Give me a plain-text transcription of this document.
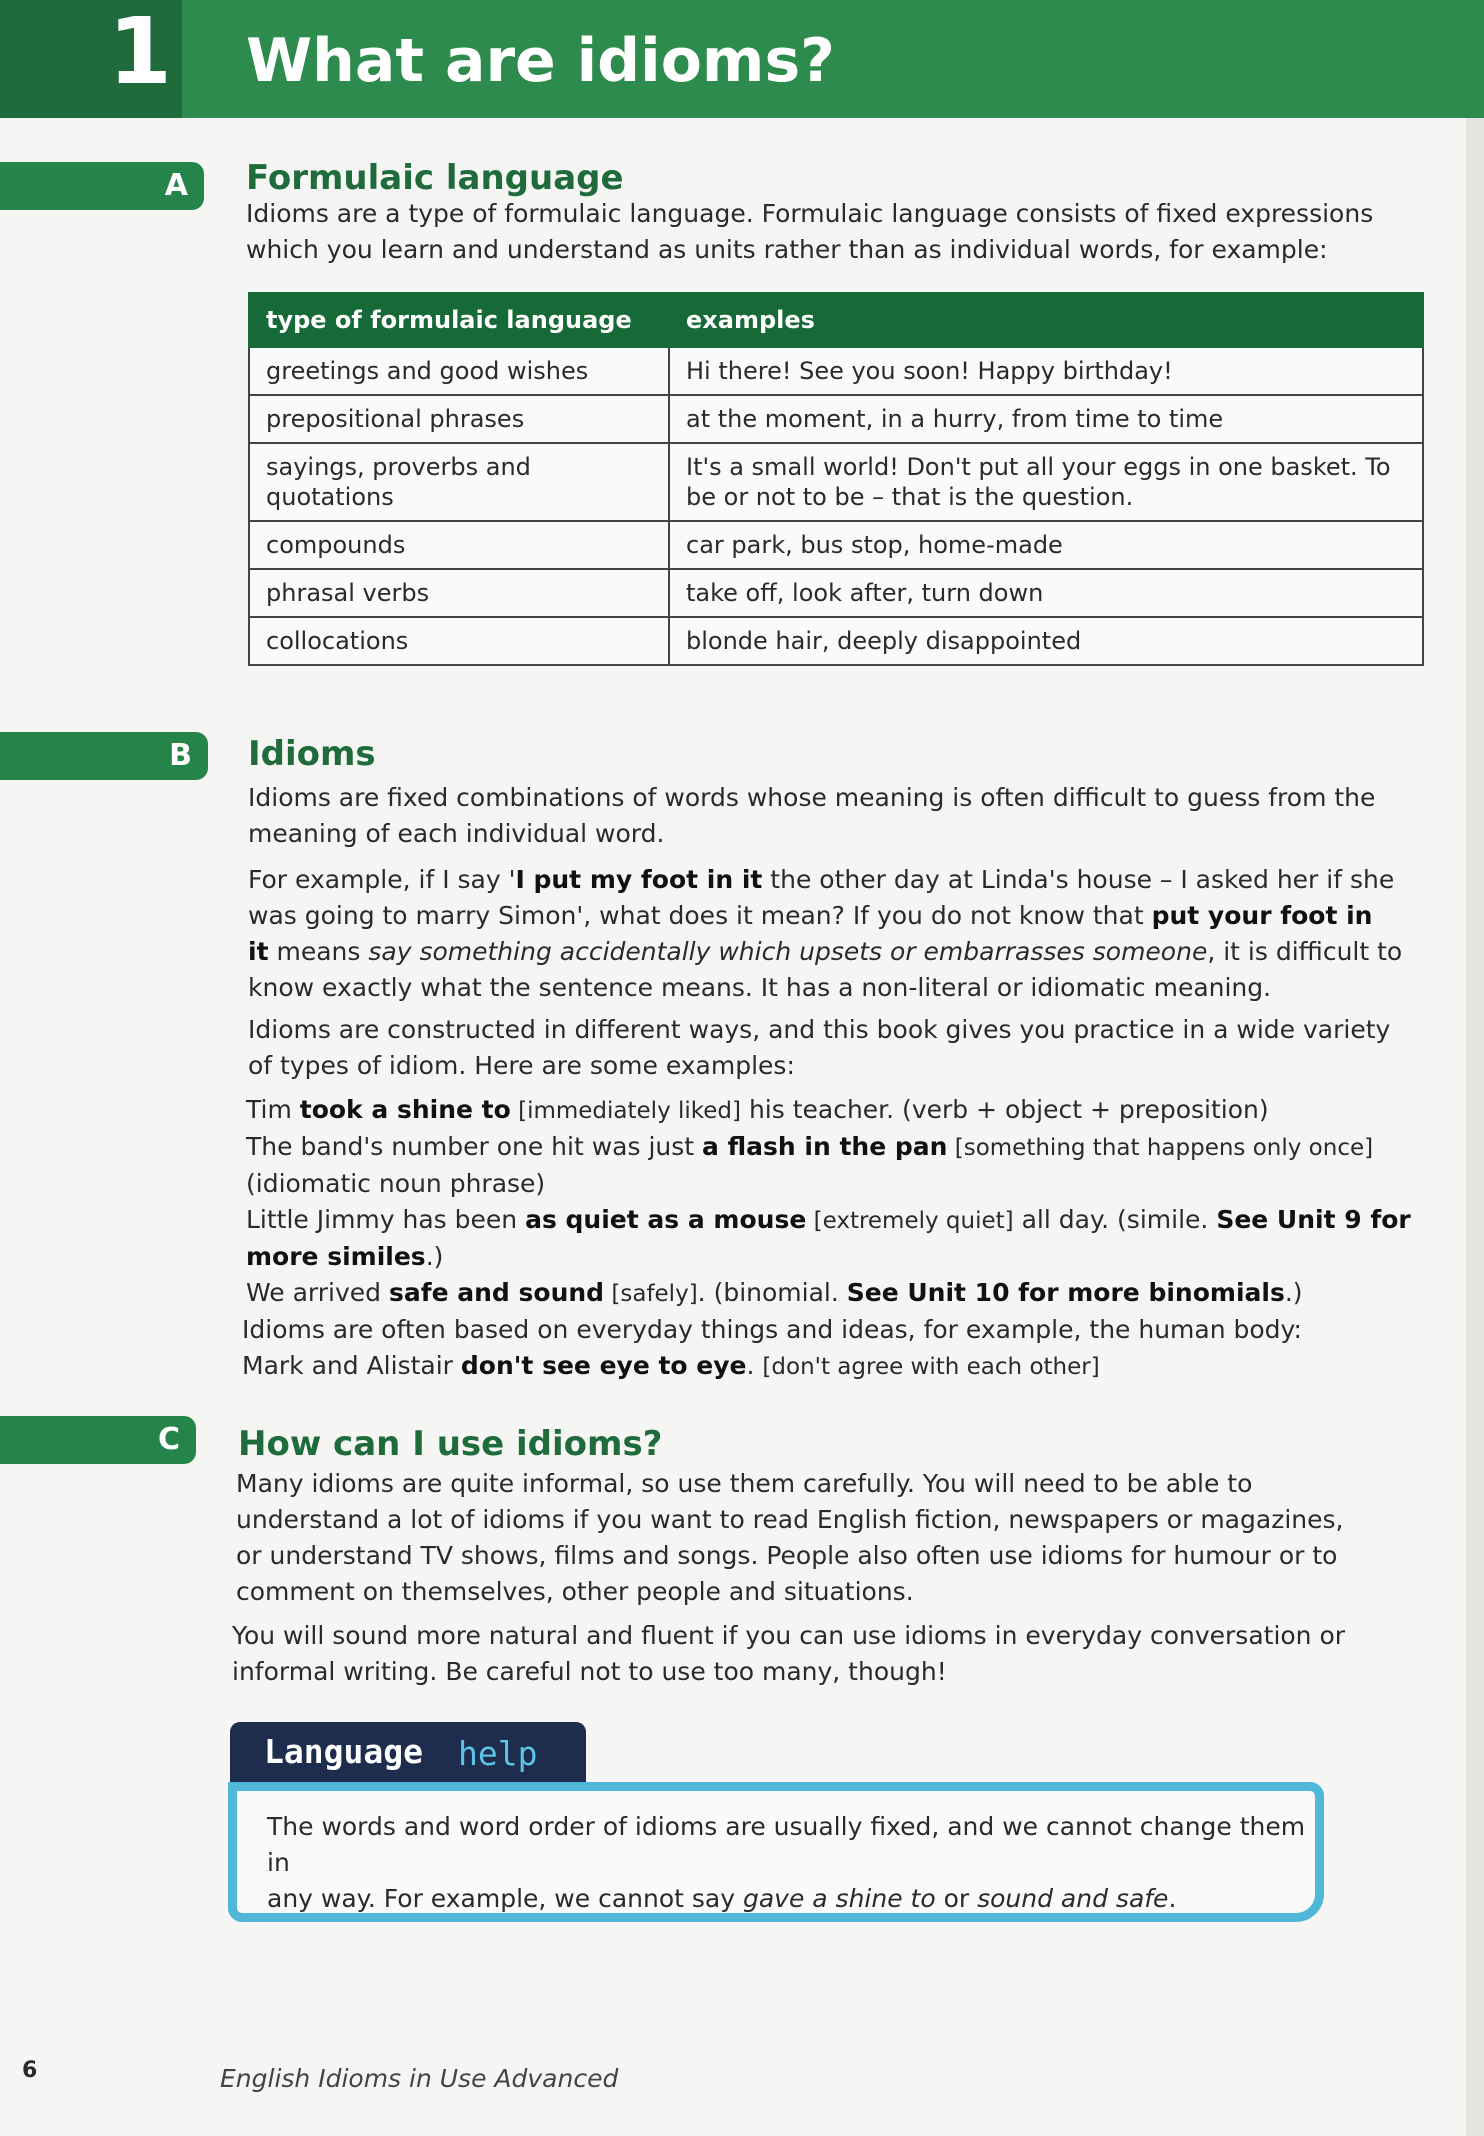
1 What are idioms?
A Formulaic language

Idioms are a type of formulaic language. Formulaic language consists of fixed expressions
which you learn and understand as units rather than as individual words, for example:

type of formulaic language	examples
greetings and good wishes	Hi there! See you soon! Happy birthday!
prepositional phrases	at the moment, in a hurry, from time to time
sayings, proverbs and quotations	It's a small world! Don't put all your eggs in one basket. To be or not to be – that is the question.
compounds	car park, bus stop, home-made
phrasal verbs	take off, look after, turn down
collocations	blonde hair, deeply disappointed
B Idioms

Idioms are fixed combinations of words whose meaning is often difficult to guess from the
meaning of each individual word.

For example, if I say 'I put my foot in it the other day at Linda's house – I asked her if she
was going to marry Simon', what does it mean? If you do not know that put your foot in
it means say something accidentally which upsets or embarrasses someone, it is difficult to
know exactly what the sentence means. It has a non-literal or idiomatic meaning.

Idioms are constructed in different ways, and this book gives you practice in a wide variety
of types of idiom. Here are some examples:

Tim took a shine to [immediately liked] his teacher. (verb + object + preposition)
The band's number one hit was just a flash in the pan [something that happens only once]
(idiomatic noun phrase)
Little Jimmy has been as quiet as a mouse [extremely quiet] all day. (simile. See Unit 9 for
more similes.)
We arrived safe and sound [safely]. (binomial. See Unit 10 for more binomials.)

Idioms are often based on everyday things and ideas, for example, the human body:
Mark and Alistair don't see eye to eye. [don't agree with each other]

C How can I use idioms?

Many idioms are quite informal, so use them carefully. You will need to be able to
understand a lot of idioms if you want to read English fiction, newspapers or magazines,
or understand TV shows, films and songs. People also often use idioms for humour or to
comment on themselves, other people and situations.

You will sound more natural and fluent if you can use idioms in everyday conversation or
informal writing. Be careful not to use too many, though!

Language help
The words and word order of idioms are usually fixed, and we cannot change them in
any way. For example, we cannot say gave a shine to or sound and safe.
6	English Idioms in Use Advanced
